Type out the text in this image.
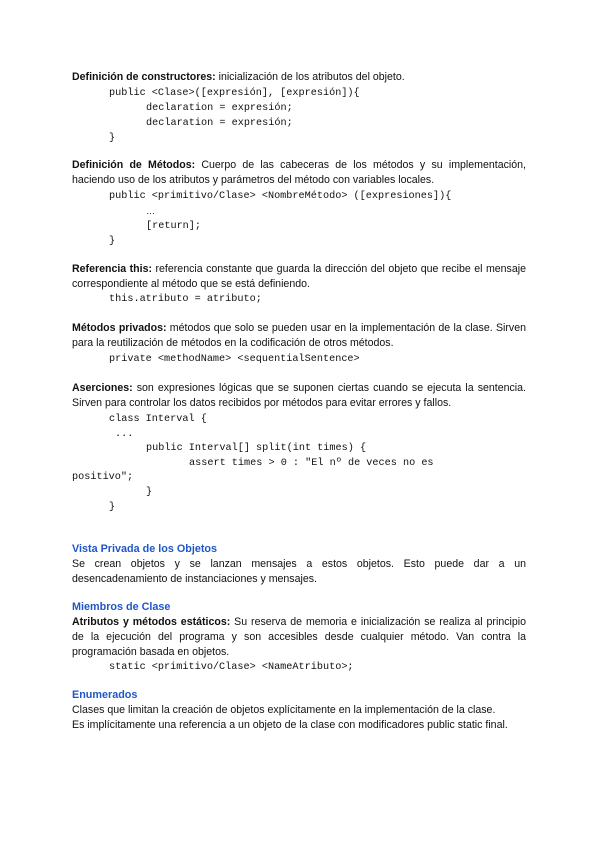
Definición de constructores: inicialización de los atributos del objeto.

public <Clase>([expresión], [expresión]){
declaration = expresión;
declaration = expresión;
}

Definición de Métodos: Cuerpo de las cabeceras de los métodos y su implementación, haciendo uso de los atributos y parámetros del método con variables locales.

public <primitivo/Clase> <NombreMétodo> ([expresiones]){
…
[return];
}

Referencia this: referencia constante que guarda la dirección del objeto que recibe el mensaje correspondiente al método que se está definiendo.

this.atributo = atributo;

Métodos privados: métodos que solo se pueden usar en la implementación de la clase. Sirven para la reutilización de métodos en la codificación de otros métodos.

private <methodName> <sequentialSentence>

Aserciones: son expresiones lógicas que se suponen ciertas cuando se ejecuta la sentencia. Sirven para controlar los datos recibidos por métodos para evitar errores y fallos.

class Interval {
...
public Interval[] split(int times) {
assert times > 0 : "El nº de veces no es
positivo";
}
}
Vista Privada de los Objetos

Se crean objetos y se lanzan mensajes a estos objetos. Esto puede dar a un desencadenamiento de instanciaciones y mensajes.

Miembros de Clase

Atributos y métodos estáticos: Su reserva de memoria e inicialización se realiza al principio de la ejecución del programa y son accesibles desde cualquier método. Van contra la programación basada en objetos.

static <primitivo/Clase> <NameAtributo>;
Enumerados

Clases que limitan la creación de objetos explícitamente en la implementación de la clase.

Es implícitamente una referencia a un objeto de la clase con modificadores public static final.
